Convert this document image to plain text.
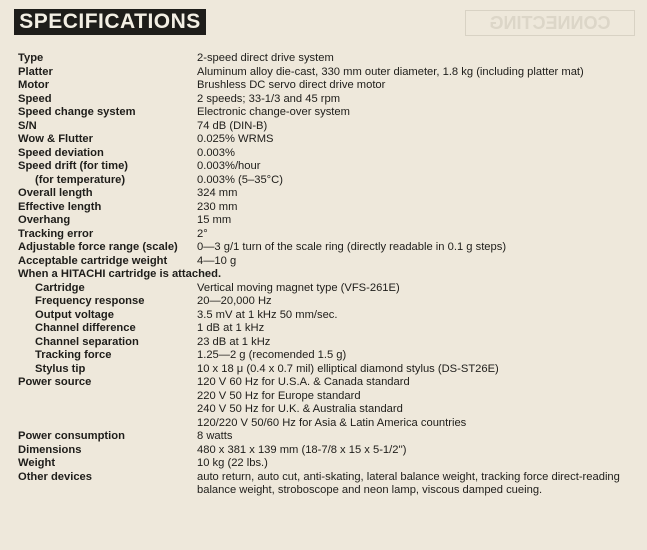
SPECIFICATIONS	CONNECTING
Type	2-speed direct drive system
Platter	Aluminum alloy die-cast, 330 mm outer diameter, 1.8 kg (including platter mat)
Motor	Brushless DC servo direct drive motor
Speed	2 speeds; 33-1/3 and 45 rpm
Speed change system	Electronic change-over system
S/N	74 dB (DIN-B)
Wow & Flutter	0.025% WRMS
Speed deviation	0.003%
Speed drift (for time)	0.003%/hour
(for temperature)	0.003% (5–35°C)
Overall length	324 mm
Effective length	230 mm
Overhang	15 mm
Tracking error	2°
Adjustable force range (scale)	0—3 g/1 turn of the scale ring (directly readable in 0.1 g steps)
Acceptable cartridge weight	4—10 g
When a HITACHI cartridge is attached.
Cartridge	Vertical moving magnet type (VFS-261E)
Frequency response	20—20,000 Hz
Output voltage	3.5 mV at 1 kHz 50 mm/sec.
Channel difference	1 dB at 1 kHz
Channel separation	23 dB at 1 kHz
Tracking force	1.25—2 g (recomended 1.5 g)
Stylus tip	10 x 18 μ (0.4 x 0.7 mil) elliptical diamond stylus (DS-ST26E)
Power source	120 V 60 Hz for U.S.A. & Canada standard
220 V 50 Hz for Europe standard
240 V 50 Hz for U.K. & Australia standard
120/220 V 50/60 Hz for Asia & Latin America countries
Power consumption	8 watts
Dimensions	480 x 381 x 139 mm (18-7/8 x 15 x 5-1/2'')
Weight	10 kg (22 lbs.)
Other devices	auto return, auto cut, anti-skating, lateral balance weight, tracking force direct-reading balance weight, stroboscope and neon lamp, viscous damped cueing.
